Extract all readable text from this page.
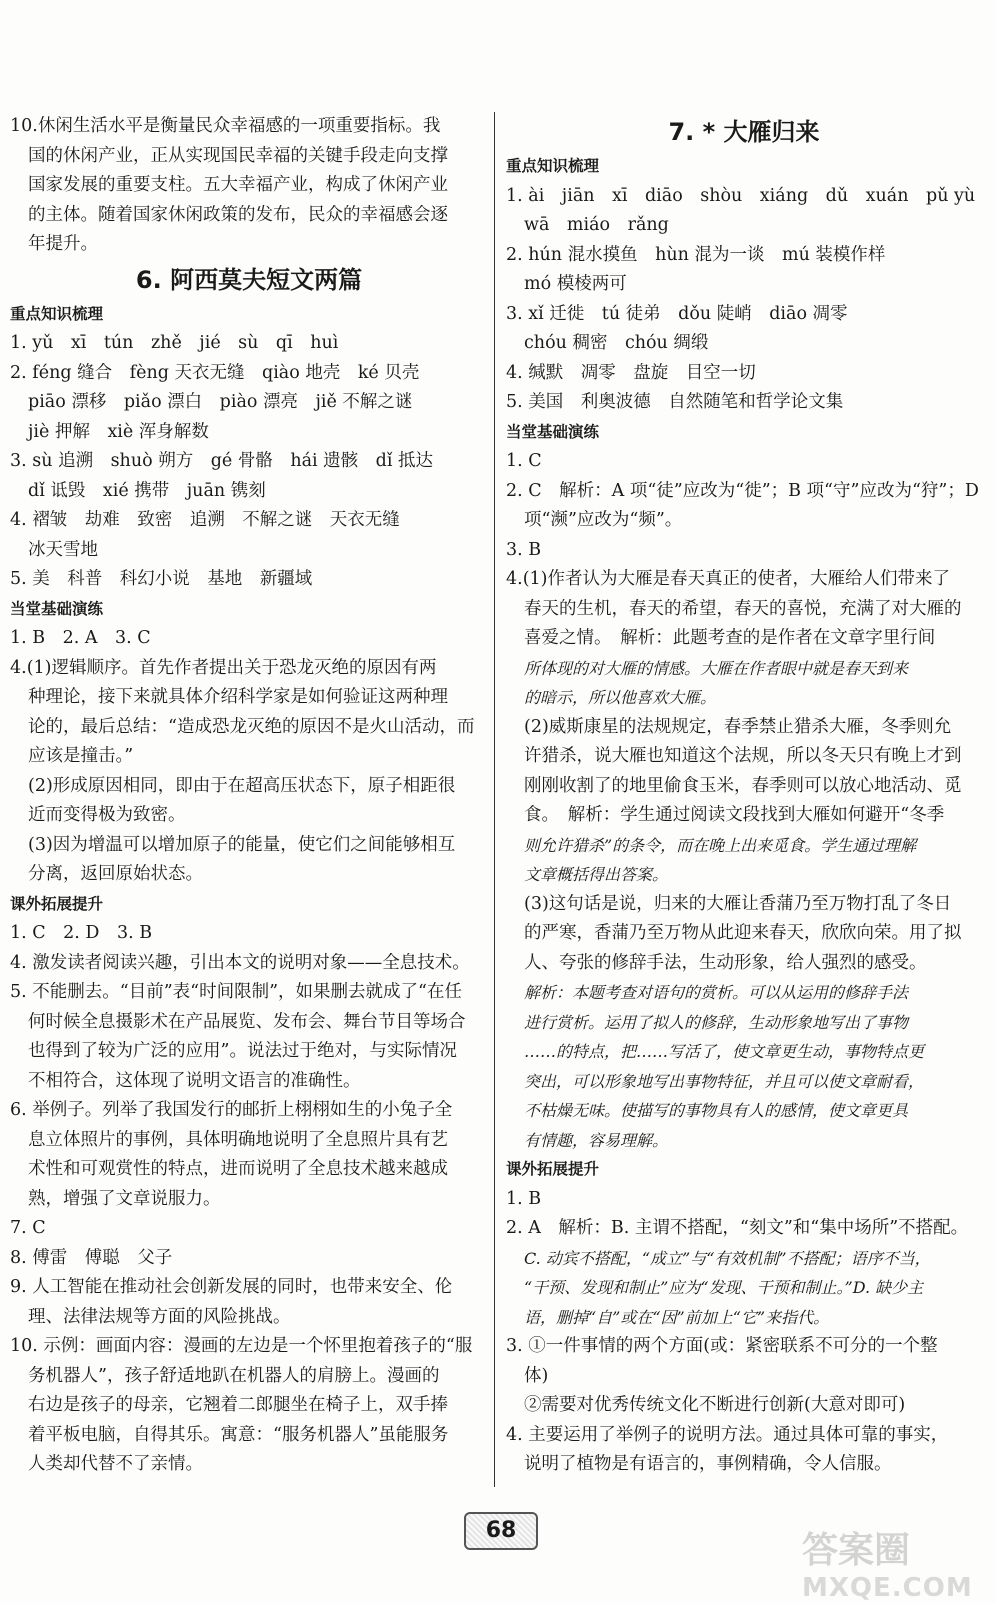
10.休闲生活水平是衡量民众幸福感的一项重要指标。我
国的休闲产业，正从实现国民幸福的关键手段走向支撑
国家发展的重要支柱。五大幸福产业，构成了休闲产业
的主体。随着国家休闲政策的发布，民众的幸福感会逐
年提升。
6. 阿西莫夫短文两篇
重点知识梳理
1. yǔ　xī　tún　zhě　jié　sù　qī　huì
2. féng 缝合　fèng 天衣无缝　qiào 地壳　ké 贝壳
piāo 漂移　piǎo 漂白　piào 漂亮　jiě 不解之谜
jiè 押解　xiè 浑身解数
3. sù 追溯　shuò 朔方　gé 骨骼　hái 遗骸　dǐ 抵达
dǐ 诋毁　xié 携带　juān 镌刻
4. 褶皱　劫难　致密　追溯　不解之谜　天衣无缝
冰天雪地
5. 美　科普　科幻小说　基地　新疆域
当堂基础演练
1. B　2. A　3. C
4.(1)逻辑顺序。首先作者提出关于恐龙灭绝的原因有两
种理论，接下来就具体介绍科学家是如何验证这两种理
论的，最后总结：“造成恐龙灭绝的原因不是火山活动，而
应该是撞击。”
(2)形成原因相同，即由于在超高压状态下，原子相距很
近而变得极为致密。
(3)因为增温可以增加原子的能量，使它们之间能够相互
分离，返回原始状态。
课外拓展提升
1. C　2. D　3. B
4. 激发读者阅读兴趣，引出本文的说明对象——全息技术。
5. 不能删去。“目前”表“时间限制”，如果删去就成了“在任
何时候全息摄影术在产品展览、发布会、舞台节目等场合
也得到了较为广泛的应用”。说法过于绝对，与实际情况
不相符合，这体现了说明文语言的准确性。
6. 举例子。列举了我国发行的邮折上栩栩如生的小兔子全
息立体照片的事例，具体明确地说明了全息照片具有艺
术性和可观赏性的特点，进而说明了全息技术越来越成
熟，增强了文章说服力。
7. C
8. 傅雷　傅聪　父子
9. 人工智能在推动社会创新发展的同时，也带来安全、伦
理、法律法规等方面的风险挑战。
10. 示例：画面内容：漫画的左边是一个怀里抱着孩子的“服
务机器人”，孩子舒适地趴在机器人的肩膀上。漫画的
右边是孩子的母亲，它翘着二郎腿坐在椅子上，双手捧
着平板电脑，自得其乐。寓意：“服务机器人”虽能服务
人类却代替不了亲情。
7. * 大雁归来
重点知识梳理
1. ài　jiān　xī　diāo　shòu　xiáng　dǔ　xuán　pǔ yù
wā　miáo　rǎng
2. hún 混水摸鱼　hùn 混为一谈　mú 装模作样
mó 模棱两可
3. xǐ 迁徙　tú 徒弟　dǒu 陡峭　diāo 凋零
chóu 稠密　chóu 绸缎
4. 缄默　凋零　盘旋　目空一切
5. 美国　利奥波德　自然随笔和哲学论文集
当堂基础演练
1. C
2. C　解析：A 项“徒”应改为“徙”；B 项“守”应改为“狩”；D
项“濒”应改为“频”。
3. B
4.(1)作者认为大雁是春天真正的使者，大雁给人们带来了
春天的生机，春天的希望，春天的喜悦，充满了对大雁的
喜爱之情。　解析：此题考查的是作者在文章字里行间
所体现的对大雁的情感。大雁在作者眼中就是春天到来
的暗示，所以他喜欢大雁。
(2)威斯康星的法规规定，春季禁止猎杀大雁，冬季则允
许猎杀，说大雁也知道这个法规，所以冬天只有晚上才到
刚刚收割了的地里偷食玉米，春季则可以放心地活动、觅
食。　解析：学生通过阅读文段找到大雁如何避开“冬季
则允许猎杀”的条令，而在晚上出来觅食。学生通过理解
文章概括得出答案。
(3)这句话是说，归来的大雁让香蒲乃至万物打乱了冬日
的严寒，香蒲乃至万物从此迎来春天，欣欣向荣。用了拟
人、夸张的修辞手法，生动形象，给人强烈的感受。
解析：本题考查对语句的赏析。可以从运用的修辞手法
进行赏析。运用了拟人的修辞，生动形象地写出了事物
……的特点，把……写活了，使文章更生动，事物特点更
突出，可以形象地写出事物特征，并且可以使文章耐看，
不枯燥无味。使描写的事物具有人的感情，使文章更具
有情趣，容易理解。
课外拓展提升
1. B
2. A　解析：B. 主谓不搭配，“刻文”和“集中场所”不搭配。
C. 动宾不搭配，“成立”与“有效机制”不搭配；语序不当，
“干预、发现和制止”应为“发现、干预和制止。”D. 缺少主
语，删掉“自”或在“因”前加上“它”来指代。
3. ①一件事情的两个方面(或：紧密联系不可分的一个整
体)
②需要对优秀传统文化不断进行创新(大意对即可)
4. 主要运用了举例子的说明方法。通过具体可靠的事实，
说明了植物是有语言的，事例精确，令人信服。
68	答案圈
MXQE.COM
